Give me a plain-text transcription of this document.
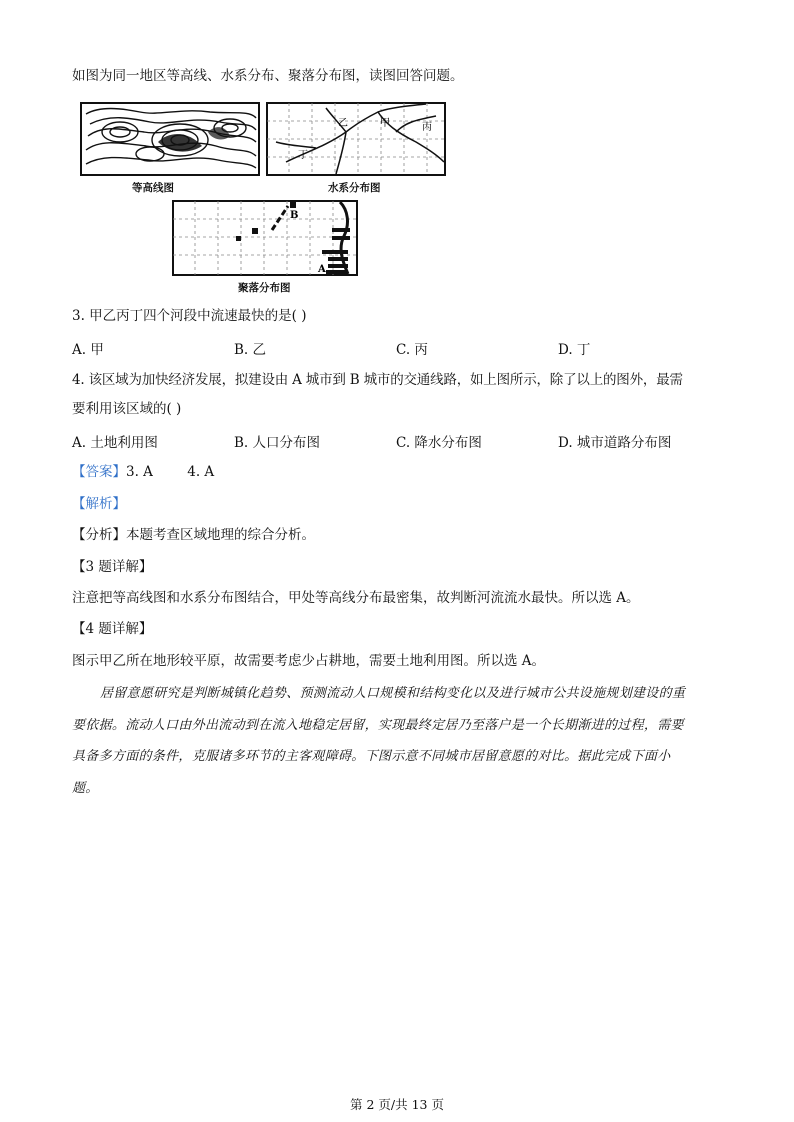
如图为同一地区等高线、水系分布、聚落分布图，读图回答问题。
等高线图
乙	甲	丙
丁
水系分布图
B
A
聚落分布图
3. 甲乙丙丁四个河段中流速最快的是( )
A. 甲	B. 乙	C. 丙	D. 丁
4. 该区域为加快经济发展，拟建设由 A 城市到 B 城市的交通线路，如上图所示，除了以上的图外，最需
要利用该区域的( )
A. 土地利用图	B. 人口分布图	C. 降水分布图	D. 城市道路分布图
【答案】3. A        4. A
【解析】
【分析】本题考查区域地理的综合分析。
【3 题详解】
注意把等高线图和水系分布图结合，甲处等高线分布最密集，故判断河流流水最快。所以选 A。
【4 题详解】
图示甲乙所在地形较平原，故需要考虑少占耕地，需要土地利用图。所以选 A。
居留意愿研究是判断城镇化趋势、预测流动人口规模和结构变化以及进行城市公共设施规划建设的重
要依据。流动人口由外出流动到在流入地稳定居留，实现最终定居乃至落户是一个长期渐进的过程，需要
具备多方面的条件，克服诸多环节的主客观障碍。下图示意不同城市居留意愿的对比。据此完成下面小
题。
第 2 页/共 13 页
